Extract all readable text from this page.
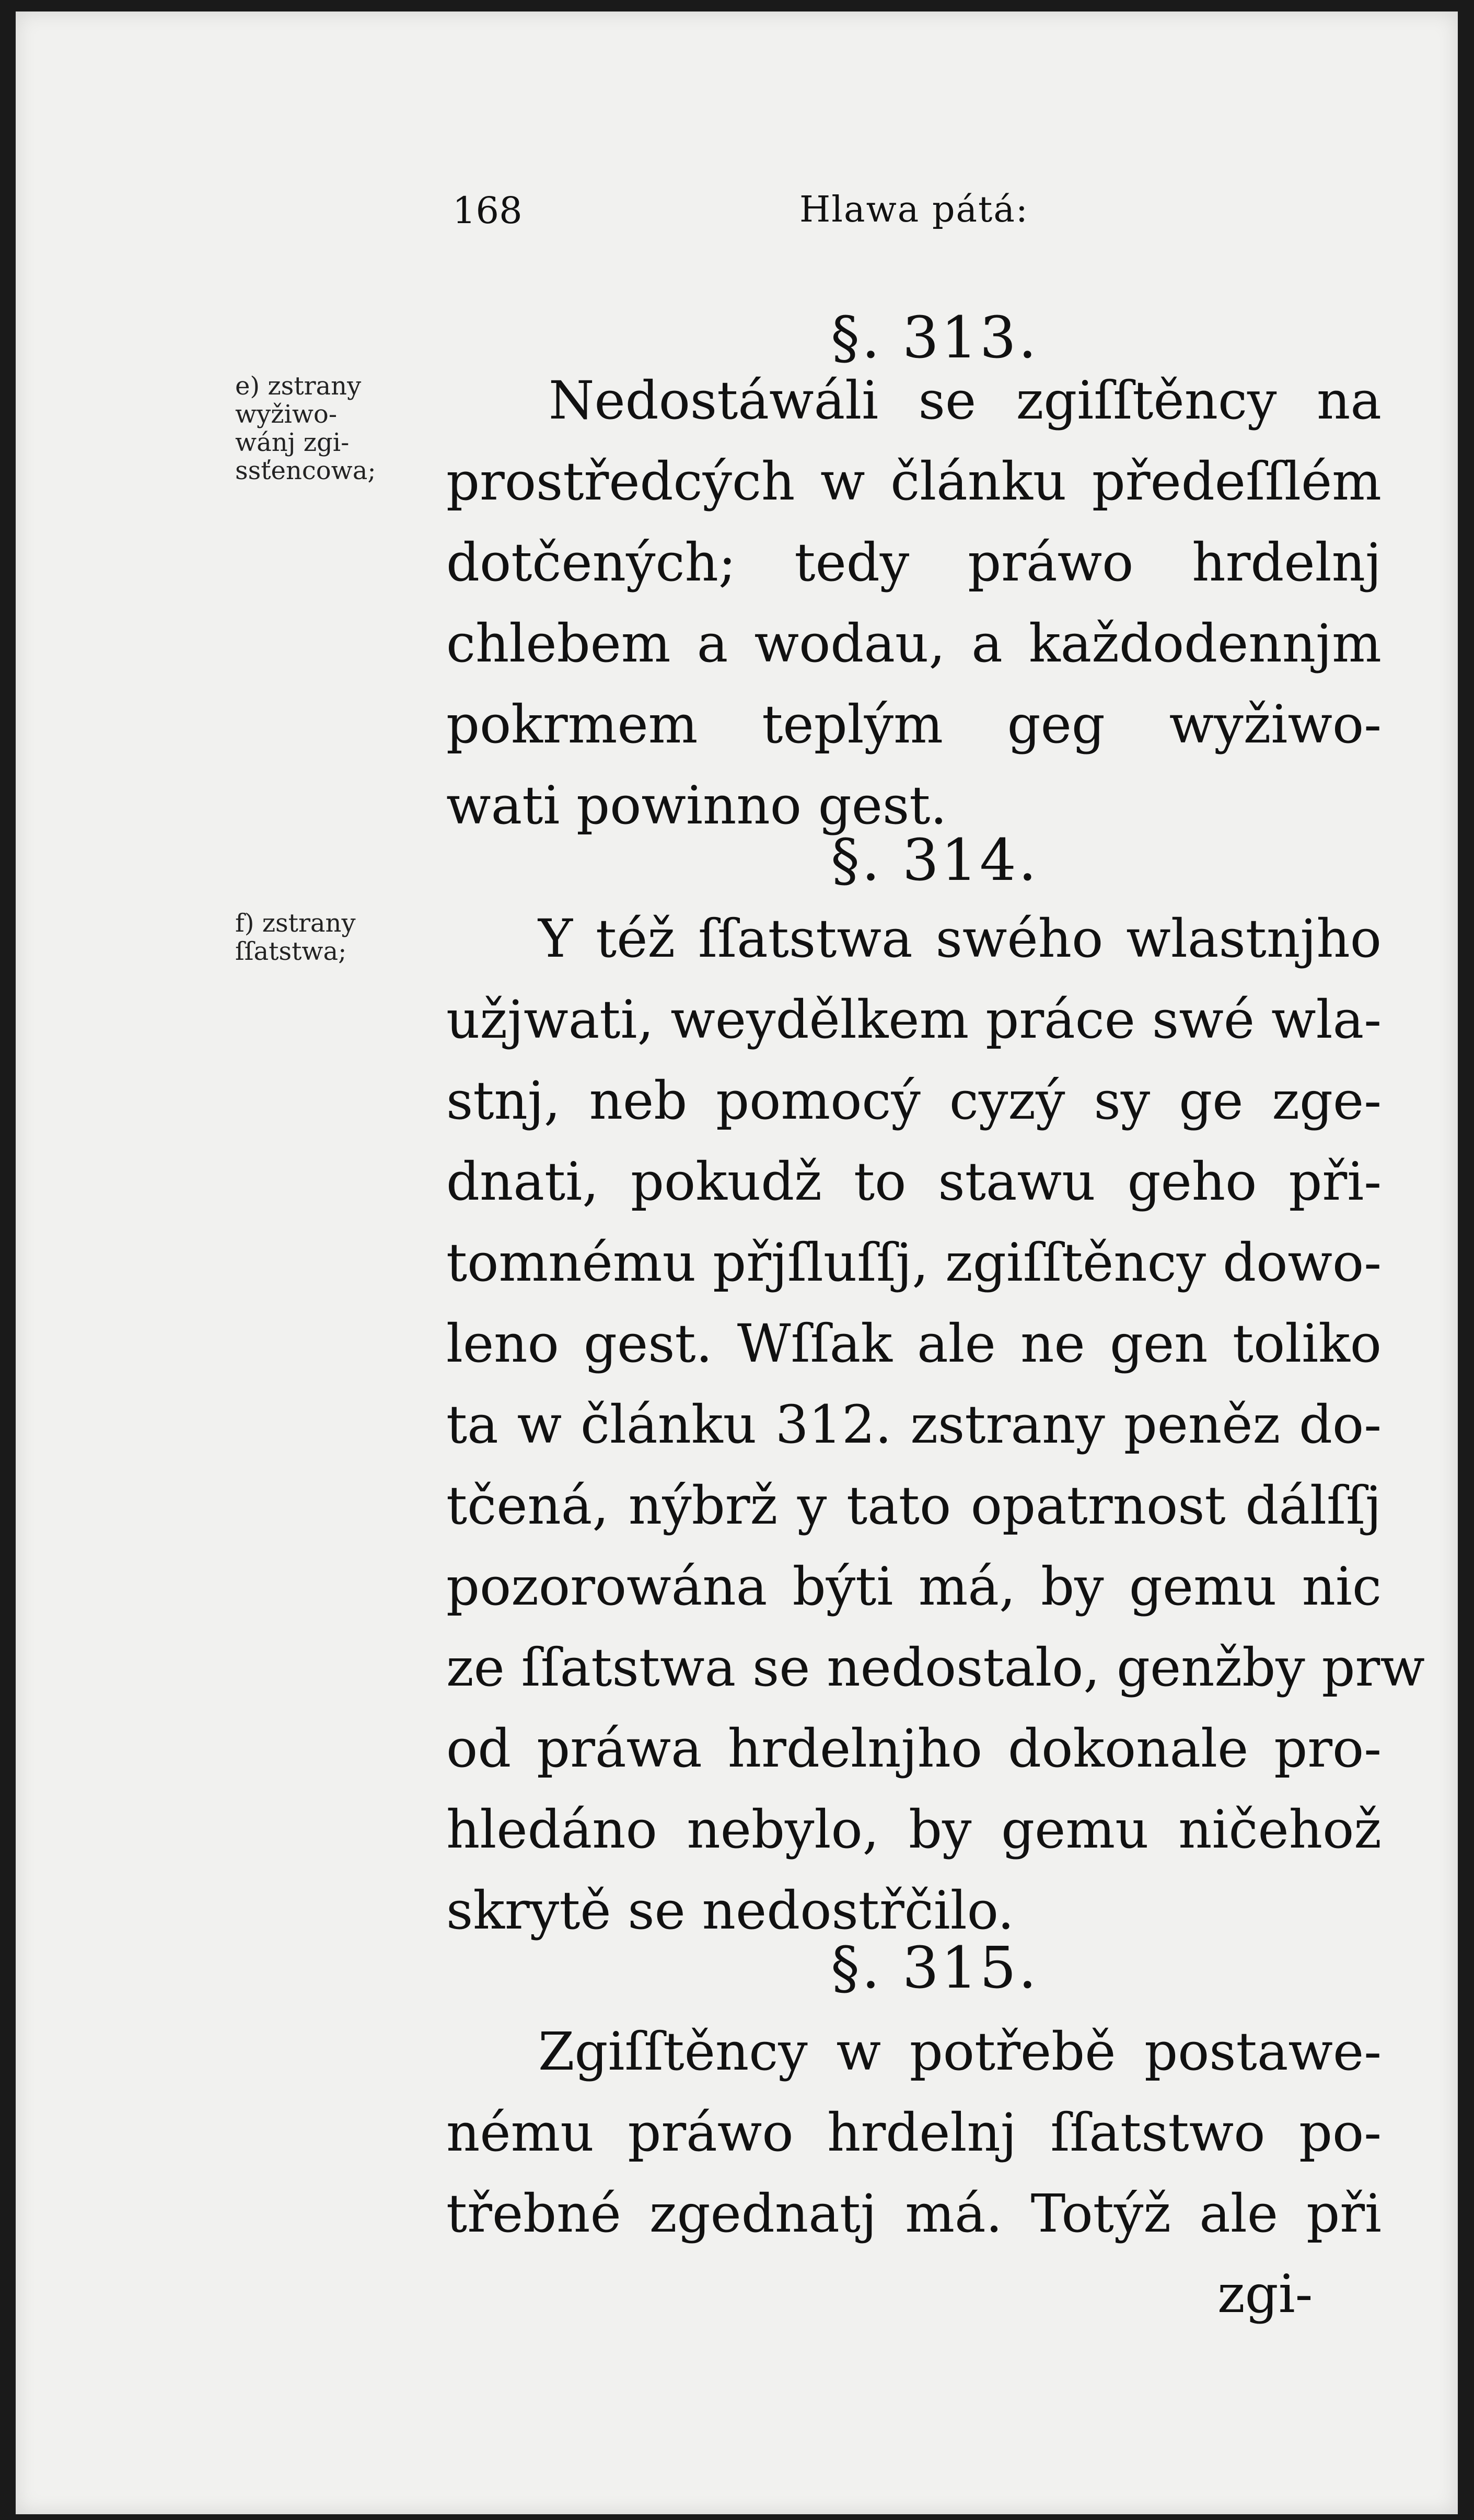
168	Hlawa pátá:
§. 313.
e) zstrany
wyžiwo-
wánj zgi-
ssťencowa;
Nedostáwáli se zgiſſtěncy na
prostředcých w článku předeſſlém
dotčených; tedy práwo hrdelnj
chlebem a wodau, a každodennjm
pokrmem teplým geg wyžiwo-
wati powinno gest.
§. 314.
f) zstrany
ſſatstwa;	Y též ſſatstwa swého wlastnjho
užjwati, weydělkem práce swé wla-
stnj, neb pomocý cyzý sy ge zge-
dnati, pokudž to stawu geho při-
tomnému přjſluſſj, zgiſſtěncy dowo-
leno gest. Wſſak ale ne gen tolikо
ta w článku 312. zstrany peněz do-
tčená, nýbrž y tato opatrnost dálſſj
pozorowána býti má, by gemu nic
ze ſſatstwa se nedostalo, genžby prw
od práwa hrdelnjho dokonale pro-
hledáno nebylo, by gemu ničehož
skrytě se nedostřčilo.
§. 315.
Zgiſſtěncy w potřebě postawe-
nému práwo hrdelnj ſſatstwo po-
třebné zgednatj má. Totýž ale při
zgi-
